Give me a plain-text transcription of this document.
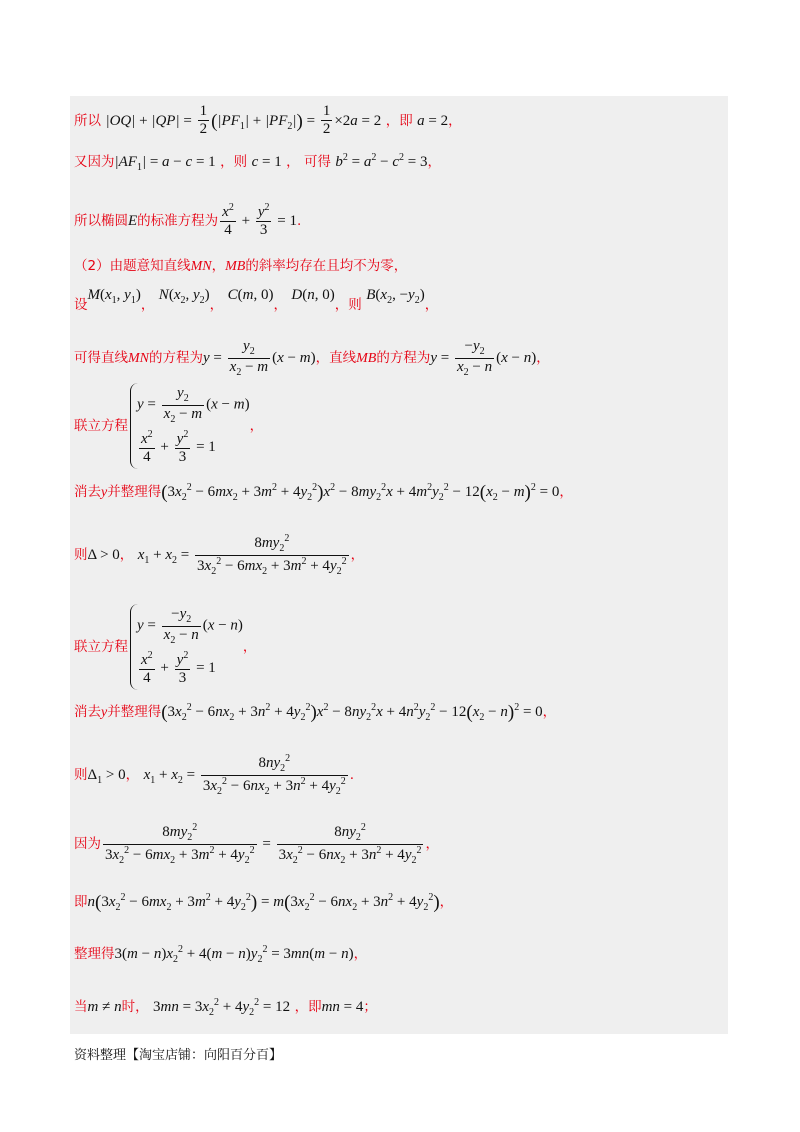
所以 $|OQ| + |QP| = \frac{1}{2} (|PF_1| + |PF_2|) = \frac{1}{2} \times 2a = 2$ ，即 a = 2，
又因为$|AF_1| = a - c = 1$ ，则 c = 1 ， 可得 $b^2 = a^2 - c^2 = 3$，
所以椭圆E的标准方程为 $\frac{x^2}{4} + \frac{y^2}{3} = 1$.
（2）由题意知直线MN，MB的斜率均存在且均不为零，
设$M(x_1$, $y_1$)， $N(x_2$, $y_2$)， C(m, 0)， D(n, 0)，则 $B(x_2$, $-y_2$)，
可得直线MN的方程为$y = \frac{y_2}{x_2 - m} (x - m)$，直线MB的方程为$y = \frac{-y_2}{x_2 - n} (x - n)$，
联立方程
$y = \frac{y_2}{x_2 - m} (x - m)$
$\frac{x^2}{4} + \frac{y^2}{3} = 1$
，
消去y并整理得$(3x_2^2 - 6mx_2 + 3m^2 + 4y_2^2)x^2 - 8my_2^2x + 4m^2y_2^2 - 12(x_2 - m)^2 = 0$，
则Δ > 0， $x_1 + x_2 = \frac{8my_2^2}{3x_2^2 - 6mx_2 + 3m^2 + 4y_2^2}$ ，
联立方程
$y = \frac{-y_2}{x_2 - n} (x - n)$
$\frac{x^2}{4} + \frac{y^2}{3} = 1$
，
消去y并整理得$(3x_2^2 - 6nx_2 + 3n^2 + 4y_2^2)x^2 - 8ny_2^2x + 4n^2y_2^2 - 12(x_2 - n)^2 = 0$，
则$\Delta_1 > 0$， $x_1 + x_2 = \frac{8ny_2^2}{3x_2^2 - 6nx_2 + 3n^2 + 4y_2^2}$ .
因为 $\frac{8my_2^2}{3x_2^2 - 6mx_2 + 3m^2 + 4y_2^2} = \frac{8ny_2^2}{3x_2^2 - 6nx_2 + 3n^2 + 4y_2^2}$ ，
即$n(3x_2^2 - 6mx_2 + 3m^2 + 4y_2^2) = m(3x_2^2 - 6nx_2 + 3n^2 + 4y_2^2)$，
整理得$3(m - n)x_2^2 + 4(m - n)y_2^2 = 3mn(m - n)$，
当m ≠ n时， $3mn = 3x_2^2 + 4y_2^2 = 12$ ，即mn = 4；
资料整理【淘宝店铺：向阳百分百】
